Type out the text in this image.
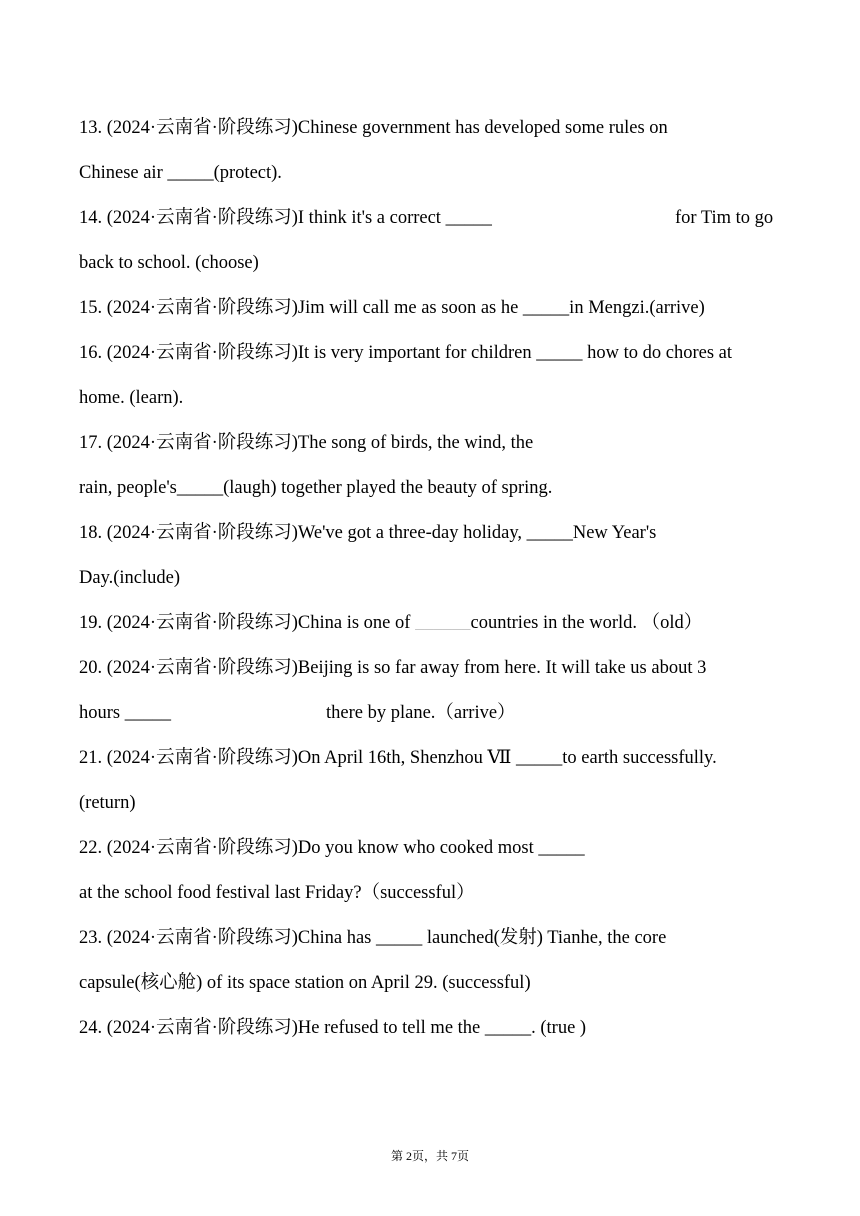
13. (2024·云南省·阶段练习)Chinese government has developed some rules on
Chinese air _____(protect).
14. (2024·云南省·阶段练习)I think it's a correct _____	for Tim to go
back to school. (choose)
15. (2024·云南省·阶段练习)Jim will call me as soon as he _____in Mengzi.(arrive)
16. (2024·云南省·阶段练习)It is very important for children _____ how to do chores at
home. (learn).
17. (2024·云南省·阶段练习)The song of birds, the wind, the
rain, people's_____(laugh) together played the beauty of spring.
18. (2024·云南省·阶段练习)We've got a three-day holiday, _____New Year's
Day.(include)
19. (2024·云南省·阶段练习)China is one of ______countries in the world. （old）
20. (2024·云南省·阶段练习)Beijing is so far away from here. It will take us about 3
hours _____	there by plane.（arrive）
21. (2024·云南省·阶段练习)On April 16th, Shenzhou Ⅶ _____to earth successfully.
(return)
22. (2024·云南省·阶段练习)Do you know who cooked most _____
at the school food festival last Friday?（successful）
23. (2024·云南省·阶段练习)China has _____ launched(发射) Tianhe, the core
capsule(核心舱) of its space station on April 29. (successful)
24. (2024·云南省·阶段练习)He refused to tell me the _____. (true )
第 2页，共 7页
